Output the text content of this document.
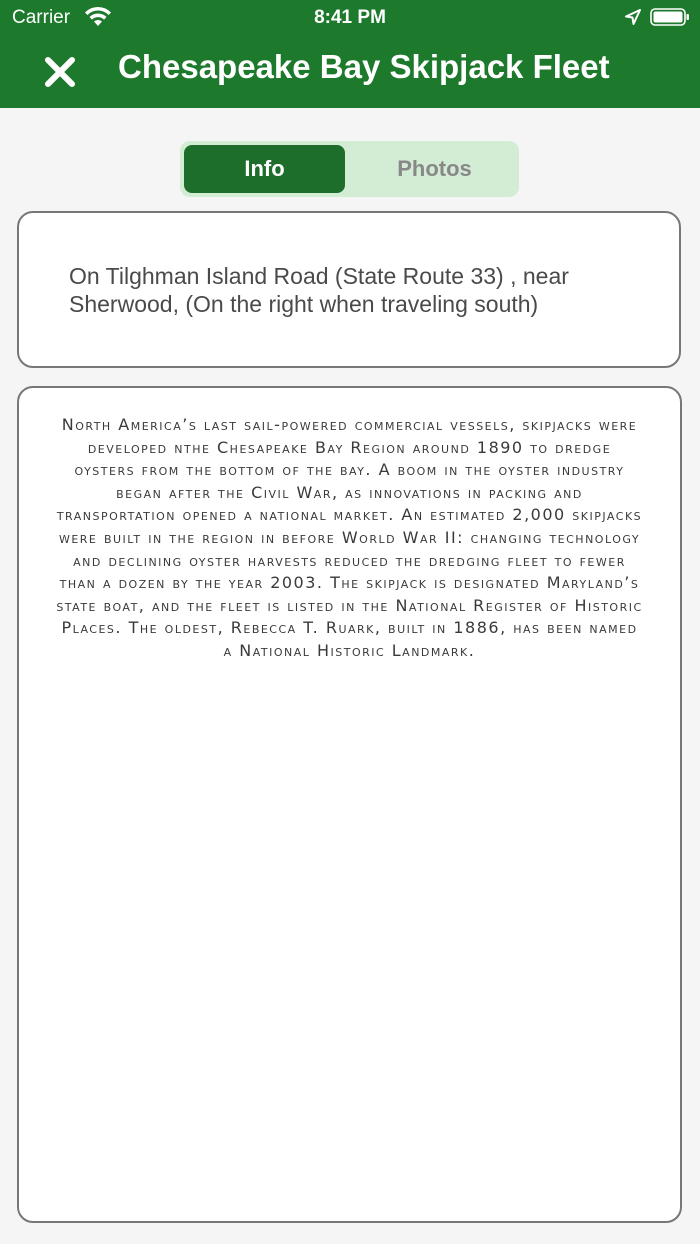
Carrier	8:41 PM
Chesapeake Bay Skipjack Fleet
Info	Photos
On Tilghman Island Road (State Route 33) , near Sherwood, (On the right when traveling south)
North America’s last sail-powered commercial vessels, skipjacks were developed nthe Chesapeake Bay Region around 1890 to dredge oysters from the bottom of the bay. A boom in the oyster industry began after the Civil War, as innovations in packing and transportation opened a national market. An estimated 2,000 skipjacks were built in the region in before World War II: changing technology and declining oyster harvests reduced the dredging fleet to fewer than a dozen by the year 2003. The skipjack is designated Maryland’s state boat, and the fleet is listed in the National Register of Historic Places. The oldest, Rebecca T. Ruark, built in 1886, has been named a National Historic Landmark.
